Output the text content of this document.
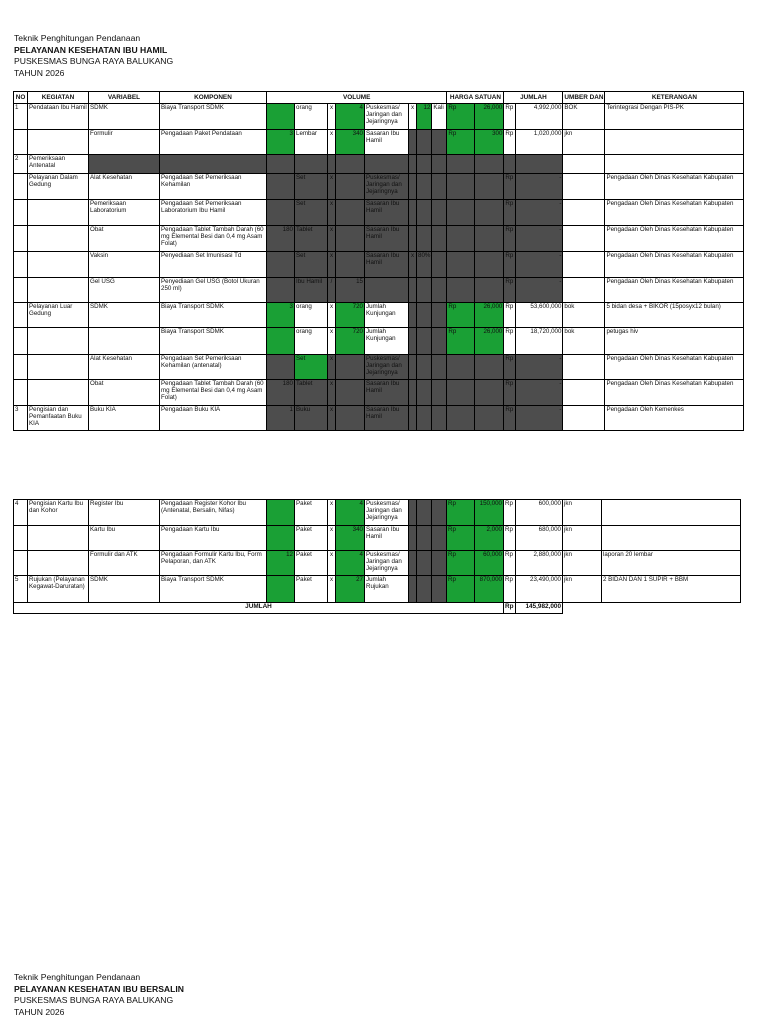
Teknik Penghitungan Pendanaan
PELAYANAN KESEHATAN IBU HAMIL
PUSKESMAS BUNGA RAYA BALUKANG
TAHUN 2026
NO	KEGIATAN	VARIABEL	KOMPONEN	VOLUME								HARGA SATUAN		JUMLAH		UMBER DAN	KETERANGAN
1	Pendataan Ibu Hamil	SDMK	Biaya Transport SDMK		orang	x	4	Puskesmas/ Jaringan dan Jejaringnya	x	12	Kali	Rp	26,000	Rp	4,992,000	BOK	Terintegrasi Dengan PIS-PK
		Formulir	Pengadaan Paket Pendataan	3	Lembar	x	340	Sasaran Ibu Hamil				Rp	300	Rp	1,020,000	jkn	
2	Pemeriksaan Antenatal																
	Pelayanan Dalam Gedung	Alat Kesehatan	Pengadaan Set Pemeriksaan Kehamilan		Set	x		Puskesmas/ Jaringan dan Jejaringnya						Rp	-		Pengadaan Oleh Dinas Kesehatan Kabupaten
		Pemeriksaan Laboratorium	Pengadaan Set Pemeriksaan Laboratorium Ibu Hamil		Set	x		Sasaran Ibu Hamil						Rp	-		Pengadaan Oleh Dinas Kesehatan Kabupaten
		Obat	Pengadaan Tablet Tambah Darah (60 mg Elemental Besi dan 0,4 mg Asam Folat)	180	Tablet	x		Sasaran Ibu Hamil						Rp	-		Pengadaan Oleh Dinas Kesehatan Kabupaten
		Vaksin	Penyediaan Set Imunisasi Td		Set	x		Sasaran Ibu Hamil	x	80%				Rp	-		Pengadaan Oleh Dinas Kesehatan Kabupaten
		Gel USG	Penyediaan Gel USG (Botol Ukuran 250 ml)		Ibu Hamil	/	15							Rp	-		Pengadaan Oleh Dinas Kesehatan Kabupaten
	Pelayanan Luar Gedung	SDMK	Biaya Transport SDMK	3	orang	x	720	Jumlah Kunjungan				Rp	26,000	Rp	53,600,000	bok	5 bidan desa + BIKOR (15posyx12 bulan)
			Biaya Transport SDMK		orang	x	720	Jumlah Kunjungan				Rp	26,000	Rp	18,720,000	bok	petugas hiv
		Alat Kesehatan	Pengadaan Set Pemeriksaan Kehamilan (antenatal)		Set	x		Puskesmas/ Jaringan dan Jejaringnya						Rp	-		Pengadaan Oleh Dinas Kesehatan Kabupaten
		Obat	Pengadaan Tablet Tambah Darah (60 mg Elemental Besi dan 0,4 mg Asam Folat)	180	Tablet	x		Sasaran Ibu Hamil						Rp	-		Pengadaan Oleh Dinas Kesehatan Kabupaten
3	Pengisian dan Pemanfaatan Buku KIA	Buku KIA	Pengadaan Buku KIA	1	Buku	x		Sasaran Ibu Hamil						Rp	-		Pengadaan Oleh Kemenkes
4	Pengisian Kartu Ibu dan Kohor	Register Ibu	Pengadaan Register Kohor Ibu (Antenatal, Bersalin, Nifas)		Paket	x	4	Puskesmas/ Jaringan dan Jejaringnya				Rp	150,000	Rp	600,000	jkn	
		Kartu Ibu	Pengadaan Kartu Ibu		Paket	x	340	Sasaran Ibu Hamil				Rp	2,000	Rp	680,000	jkn	
		Formulir dan ATK	Pengadaan Formulir Kartu Ibu, Form Pelaporan, dan ATK	12	Paket	x	4	Puskesmas/ Jaringan dan Jejaringnya				Rp	60,000	Rp	2,880,000	jkn	laporan 20 lembar
5	Rujukan (Pelayanan Kegawat-Daruratan)	SDMK	Biaya Transport SDMK		Paket	x	27	Jumlah Rujukan				Rp	870,000	Rp	23,490,000	jkn	2 BIDAN DAN 1 SUPIR + BBM
JUMLAH														Rp	145,982,000		
Teknik Penghitungan Pendanaan
PELAYANAN KESEHATAN IBU BERSALIN
PUSKESMAS BUNGA RAYA BALUKANG
TAHUN 2026
